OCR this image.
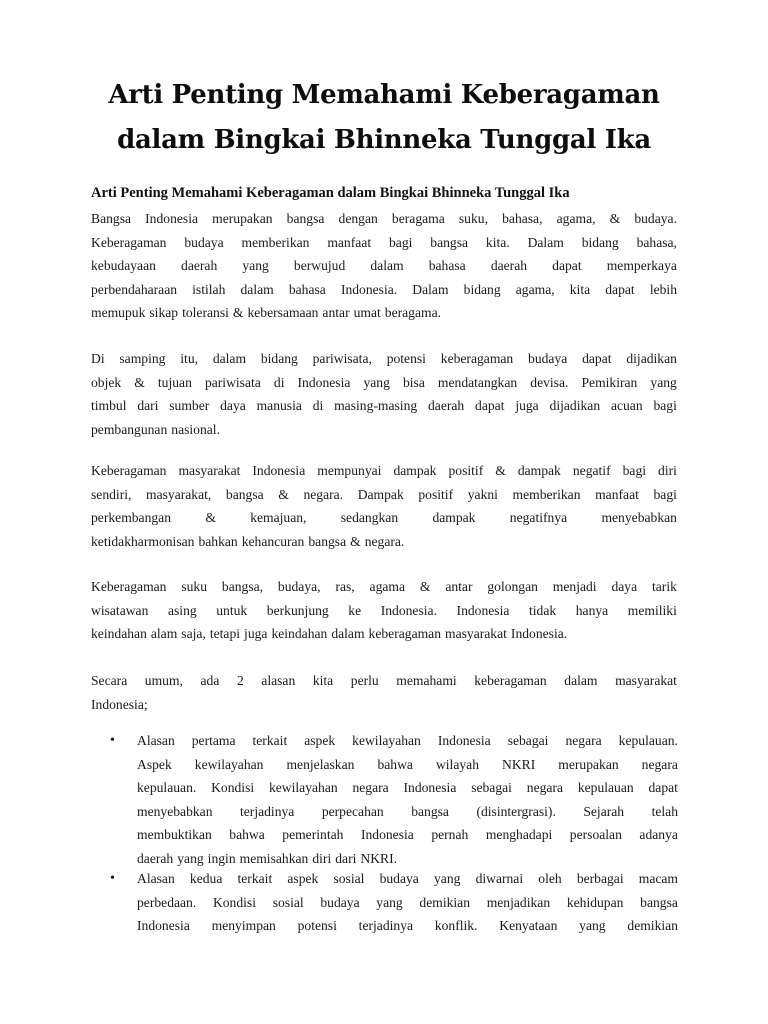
Arti Penting Memahami Keberagaman
dalam Bingkai Bhinneka Tunggal Ika
Arti Penting Memahami Keberagaman dalam Bingkai Bhinneka Tunggal Ika
Bangsa Indonesia merupakan bangsa dengan beragama suku, bahasa, agama, & budaya.
Keberagaman budaya memberikan manfaat bagi bangsa kita. Dalam bidang bahasa,
kebudayaan daerah yang berwujud dalam bahasa daerah dapat memperkaya
perbendaharaan istilah dalam bahasa Indonesia. Dalam bidang agama, kita dapat lebih
memupuk sikap toleransi & kebersamaan antar umat beragama.
Di samping itu, dalam bidang pariwisata, potensi keberagaman budaya dapat dijadikan
objek & tujuan pariwisata di Indonesia yang bisa mendatangkan devisa. Pemikiran yang
timbul dari sumber daya manusia di masing-masing daerah dapat juga dijadikan acuan bagi
pembangunan nasional.
Keberagaman masyarakat Indonesia mempunyai dampak positif & dampak negatif bagi diri
sendiri, masyarakat, bangsa & negara. Dampak positif yakni memberikan manfaat bagi
perkembangan	&	kemajuan,	sedangkan	dampak	negatifnya	menyebabkan
ketidakharmonisan bahkan kehancuran bangsa & negara.
Keberagaman suku bangsa, budaya, ras, agama & antar golongan menjadi daya tarik
wisatawan asing untuk berkunjung ke Indonesia. Indonesia tidak hanya memiliki
keindahan alam saja, tetapi juga keindahan dalam keberagaman masyarakat Indonesia.
Secara umum, ada 2 alasan kita perlu memahami keberagaman dalam masyarakat
Indonesia;
• Alasan pertama terkait aspek kewilayahan Indonesia sebagai negara kepulauan.
Aspek kewilayahan menjelaskan bahwa wilayah NKRI merupakan negara
kepulauan. Kondisi kewilayahan negara Indonesia sebagai negara kepulauan dapat
menyebabkan terjadinya perpecahan bangsa (disintergrasi). Sejarah telah
membuktikan bahwa pemerintah Indonesia pernah menghadapi persoalan adanya
daerah yang ingin memisahkan diri dari NKRI.
• Alasan kedua terkait aspek sosial budaya yang diwarnai oleh berbagai macam
perbedaan. Kondisi sosial budaya yang demikian menjadikan kehidupan bangsa
Indonesia menyimpan potensi terjadinya konflik. Kenyataan yang demikian
